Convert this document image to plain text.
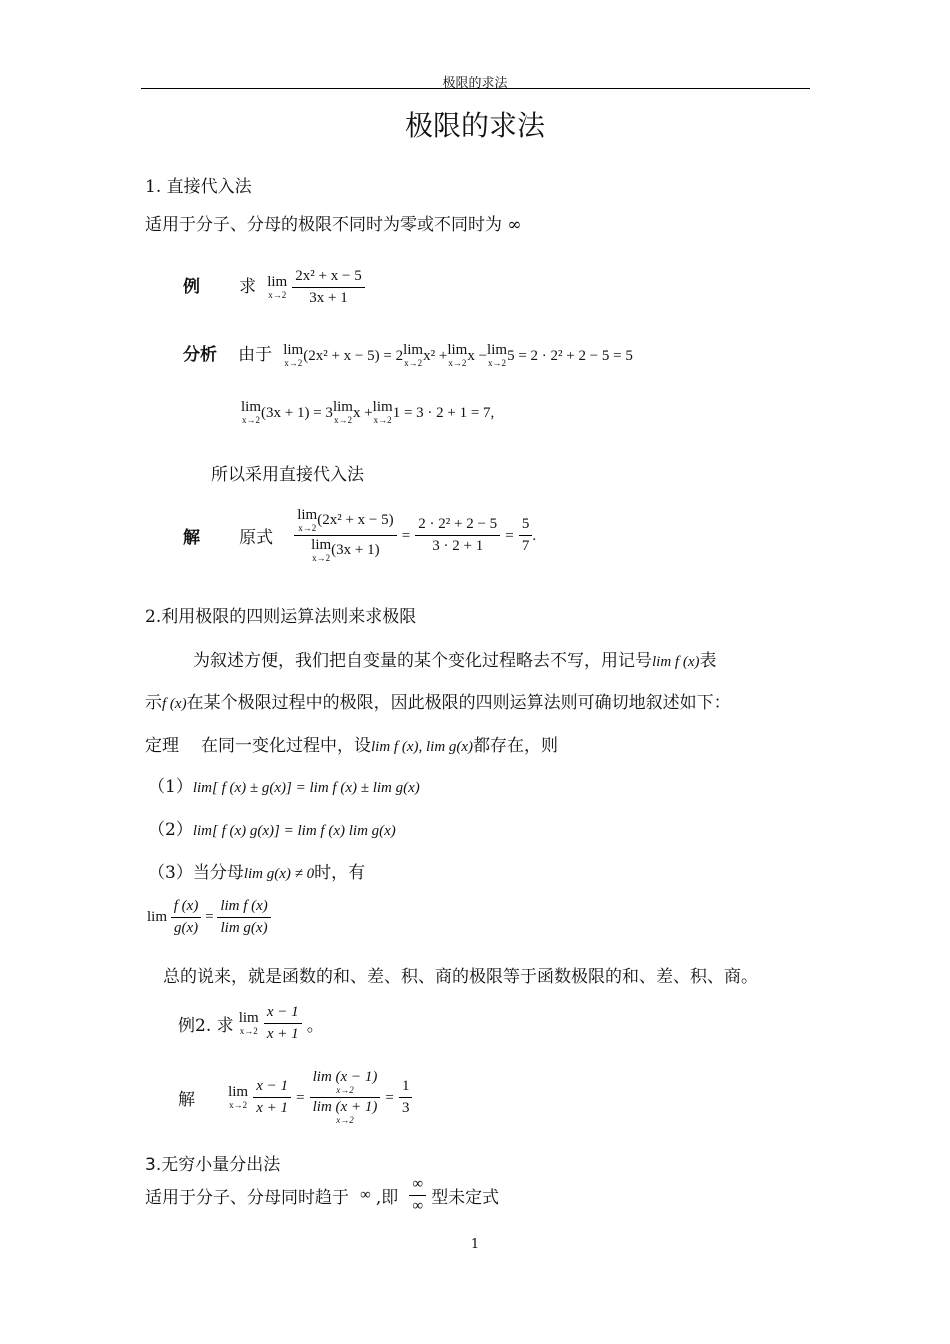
极限的求法
极限的求法
1. 直接代入法
适用于分子、分母的极限不同时为零或不同时为 ∞
例 求 lim
x→2
$\frac{\text{2x² + x − 5}}{3x + 1}$
分析 由于 lim
x→2 (2x² + x − 5) = 2 lim
x→2 x² + lim
x→2 x − lim
x→2 5 = 2 · 2² + 2 − 5 = 5
lim
x→2 (3x + 1) = 3 lim
x→2 x + lim
x→2 1 = 3 · 2 + 1 = 7,
所以采用直接代入法
解 原式 lim
x→2
(2x² + x − 5)
lim
x→2
$(3x + 1) = \frac{\text{2 · 2² + 2 − 5}}{3 \cdot 2 + 1} = \frac{5}{7}$ .
2.利用极限的四则运算法则来求极限
为叙述方便，我们把自变量的某个变化过程略去不写，用记号lim f (x)表
示f (x)在某个极限过程中的极限，因此极限的四则运算法则可确切地叙述如下：
定理 在同一变化过程中，设lim f (x), lim g(x)都存在，则
（1）lim[ f (x) ± g(x)] = lim f (x) ± lim g(x)
（2）lim[ f (x) g(x)] = lim f (x) lim g(x)
（3）当分母lim g(x) ≠ 0时，有
$\lim \frac{f (x)}{g(x)} = \frac{\text{lim f (x)}}{\text{lim g(x)}}$
总的说来，就是函数的和、差、积、商的极限等于函数极限的和、差、积、商。
例2. 求 lim
x→2
$\frac{x - 1}{x + 1}$ 。
解 lim
x→2
$\frac{x - 1}{x + 1} = \lim (x - 1)$
x→2
lim (x + 1)
$x\to 2 = \frac{1}{3}$
3.无穷小量分出法
适用于分子、分母同时趋于 ∞ ,即 $\frac{\infty}{\infty}$ 型未定式
1
